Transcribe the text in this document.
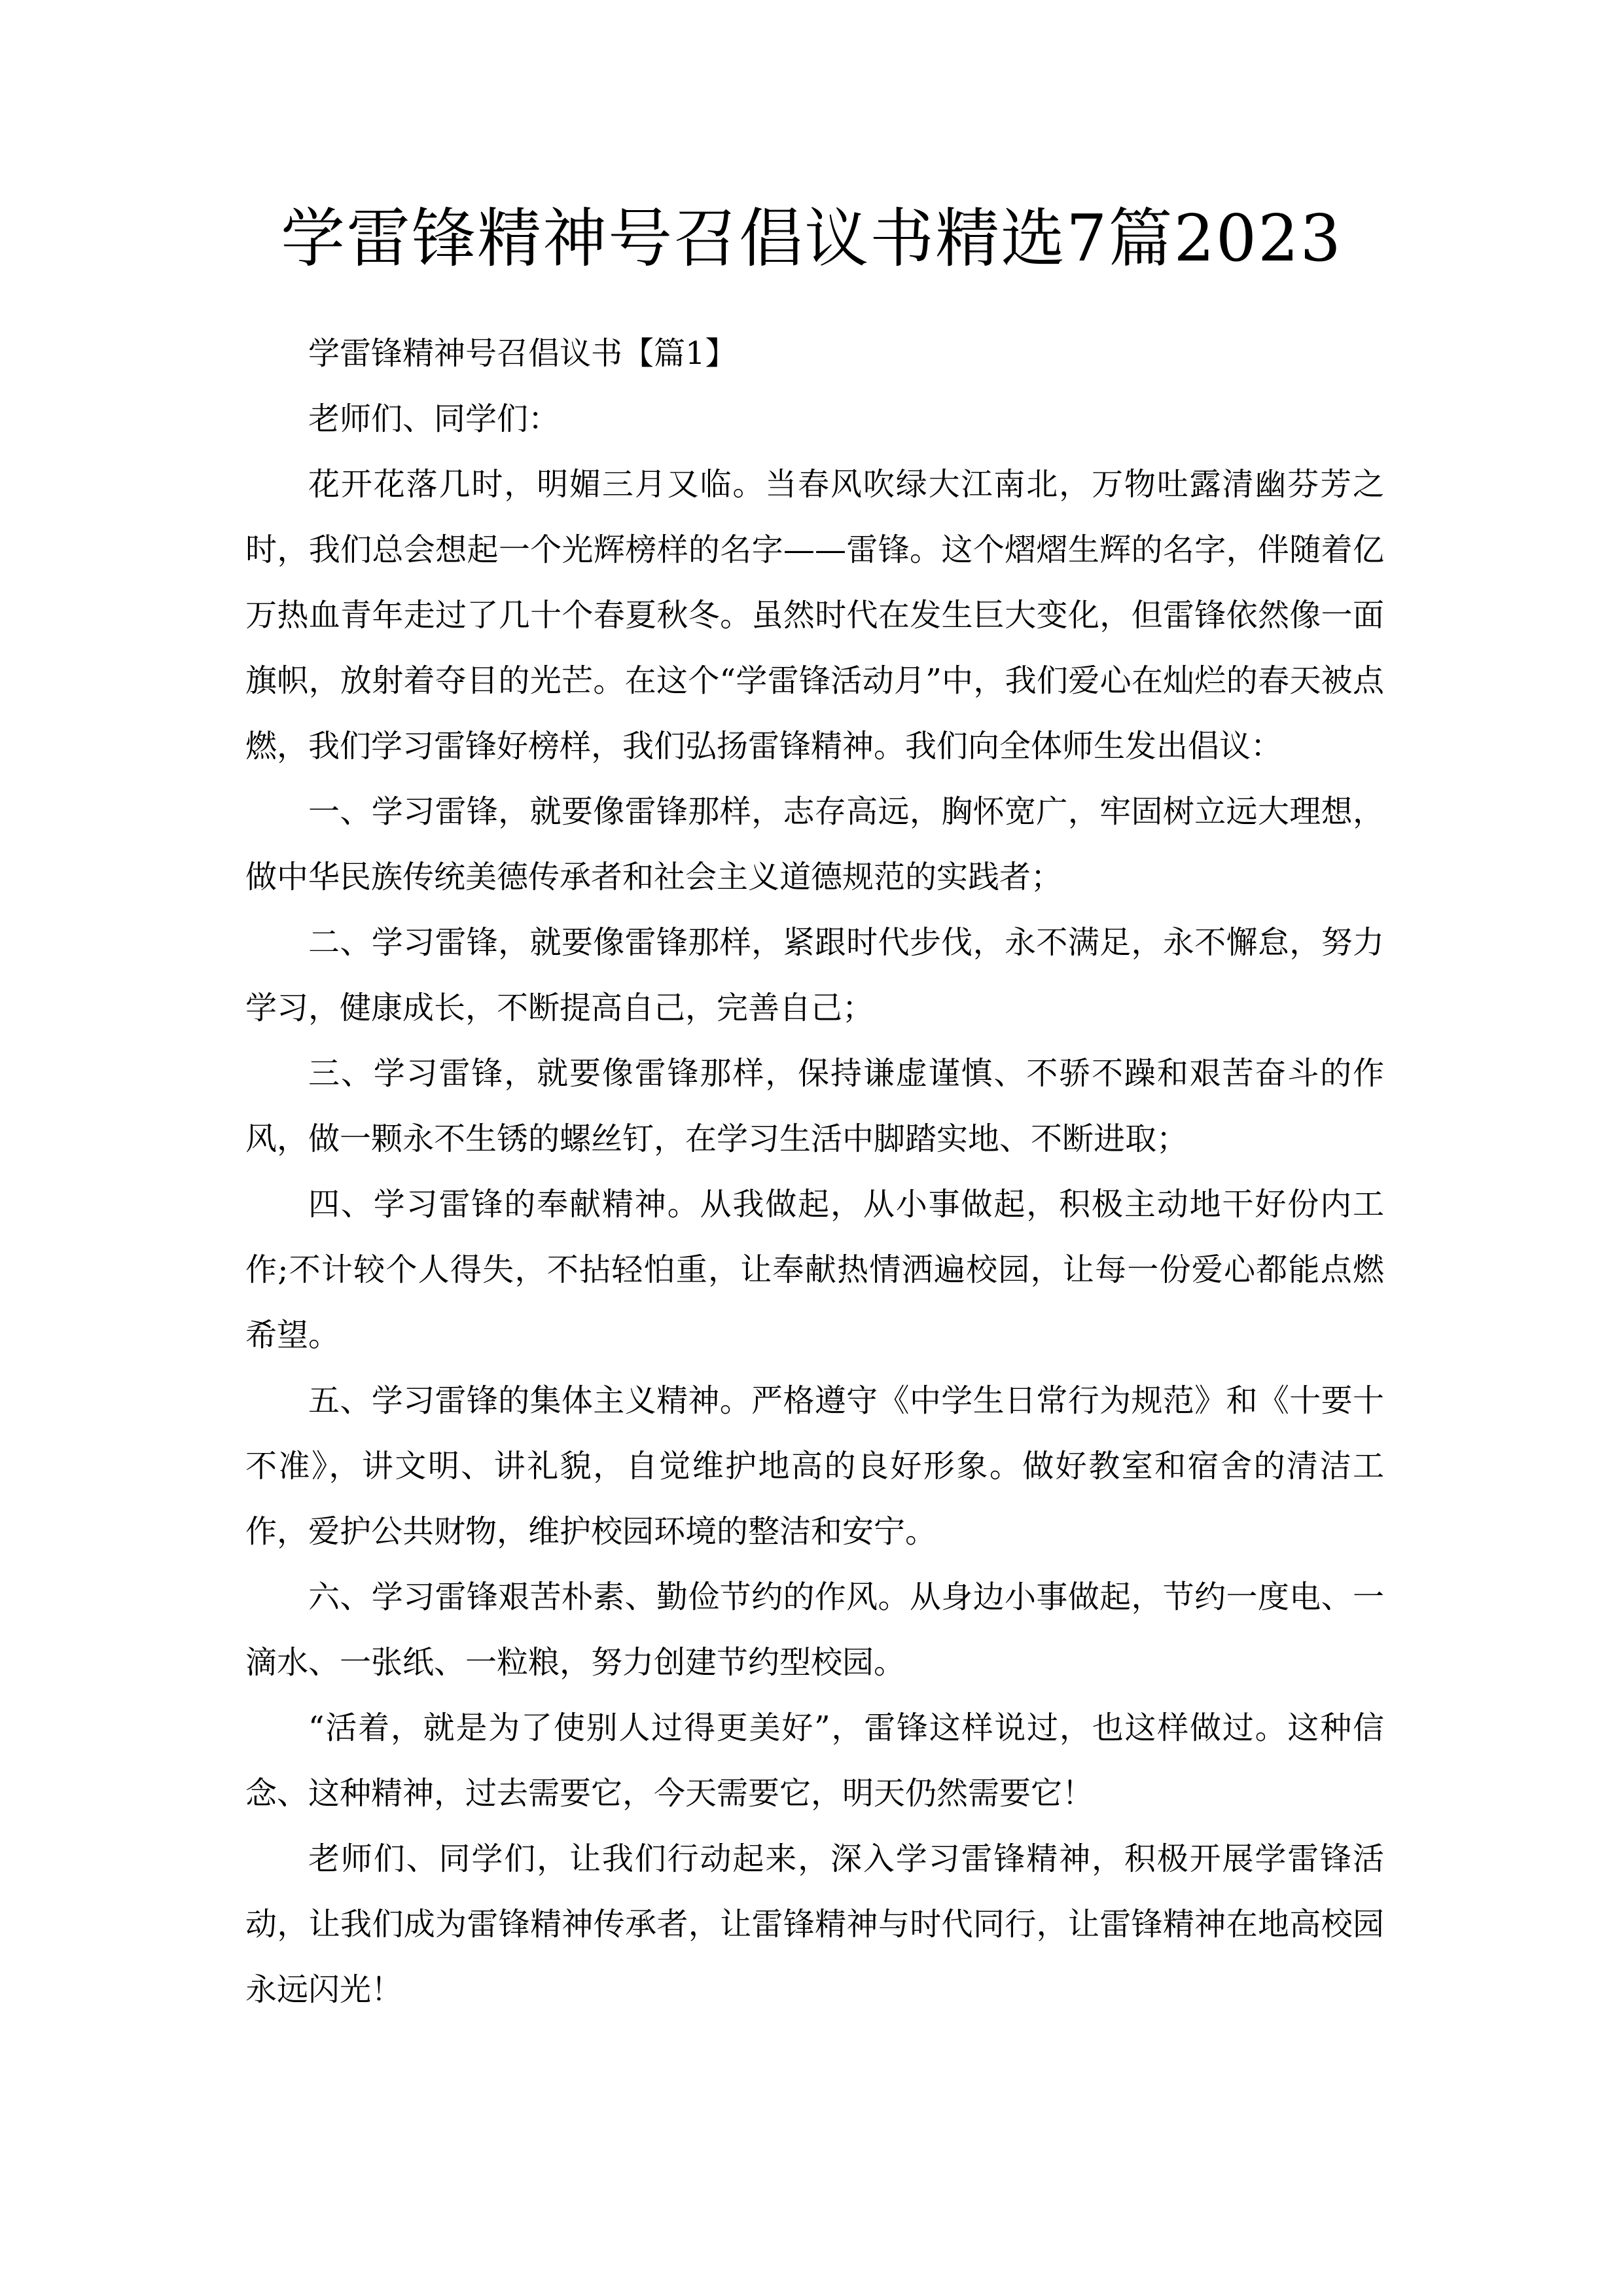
学雷锋精神号召倡议书精选7篇2023

学雷锋精神号召倡议书【篇1】

老师们、同学们：

花开花落几时，明媚三月又临。当春风吹绿大江南北，万物吐露清幽芬芳之时，我们总会想起一个光辉榜样的名字——雷锋。这个熠熠生辉的名字，伴随着亿万热血青年走过了几十个春夏秋冬。虽然时代在发生巨大变化，但雷锋依然像一面旗帜，放射着夺目的光芒。在这个“学雷锋活动月”中，我们爱心在灿烂的春天被点燃，我们学习雷锋好榜样，我们弘扬雷锋精神。我们向全体师生发出倡议：

一、学习雷锋，就要像雷锋那样，志存高远，胸怀宽广，牢固树立远大理想，做中华民族传统美德传承者和社会主义道德规范的实践者；

二、学习雷锋，就要像雷锋那样，紧跟时代步伐，永不满足，永不懈怠，努力学习，健康成长，不断提高自己，完善自己；

三、学习雷锋，就要像雷锋那样，保持谦虚谨慎、不骄不躁和艰苦奋斗的作风，做一颗永不生锈的螺丝钉，在学习生活中脚踏实地、不断进取；

四、学习雷锋的奉献精神。从我做起，从小事做起，积极主动地干好份内工作;不计较个人得失，不拈轻怕重，让奉献热情洒遍校园，让每一份爱心都能点燃希望。

五、学习雷锋的集体主义精神。严格遵守《中学生日常行为规范》和《十要十不准》，讲文明、讲礼貌，自觉维护地高的良好形象。做好教室和宿舍的清洁工作，爱护公共财物，维护校园环境的整洁和安宁。

六、学习雷锋艰苦朴素、勤俭节约的作风。从身边小事做起，节约一度电、一滴水、一张纸、一粒粮，努力创建节约型校园。

“活着，就是为了使别人过得更美好”，雷锋这样说过，也这样做过。这种信念、这种精神，过去需要它，今天需要它，明天仍然需要它！

老师们、同学们，让我们行动起来，深入学习雷锋精神，积极开展学雷锋活动，让我们成为雷锋精神传承者，让雷锋精神与时代同行，让雷锋精神在地高校园永远闪光！
